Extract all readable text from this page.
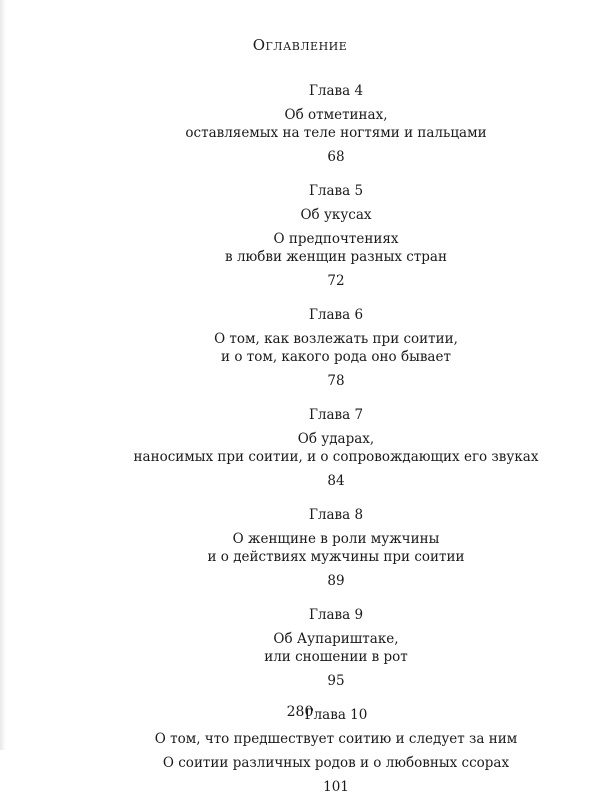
Оглавление
Глава 4
Об отметинах,
оставляемых на теле ногтями и пальцами
68
Глава 5
Об укусах
О предпочтениях
в любви женщин разных стран
72
Глава 6
О том, как возлежать при соитии,
и о том, какого рода оно бывает
78
Глава 7
Об ударах,
наносимых при соитии, и о сопровождающих его звуках
84
Глава 8
О женщине в роли мужчины
и о действиях мужчины при соитии
89
Глава 9
Об Аупариштаке,
или сношении в рот
95
Глава 10
О том, что предшествует соитию и следует за ним
О соитии различных родов и о любовных ссорах
101
280
